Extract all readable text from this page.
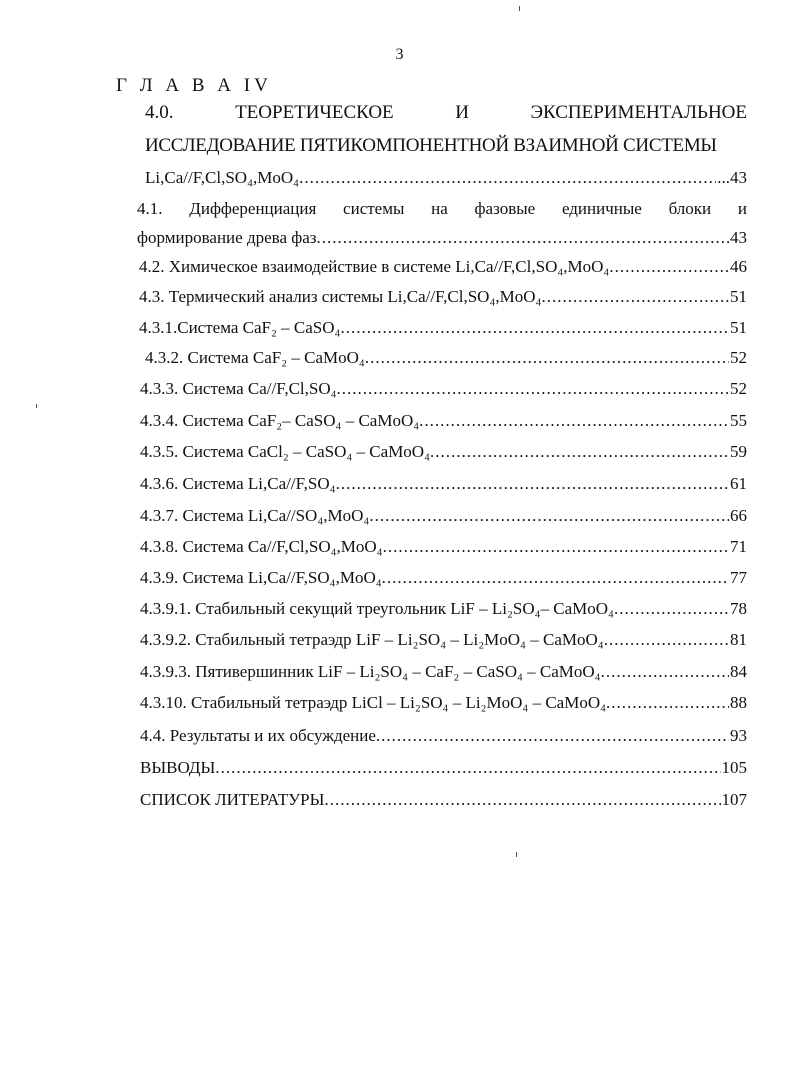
3
Г Л А В А IV
4.0.	ТЕОРЕТИЧЕСКОЕ	И	ЭКСПЕРИМЕНТАЛЬНОЕ
ИССЛЕДОВАНИЕ ПЯТИКОМПОНЕНТНОЙ ВЗАИМНОЙ СИСТЕМЫ
Li,Ca//F,Cl,SO₄,MoO₄ .....	...43
4.1. Дифференциация системы на фазовые единичные блоки и
формирование древа фаз .....	43
4.2. Химическое взаимодействие в системе Li,Ca//F,Cl,SO₄,MoO₄ .....	46
4.3. Термический анализ системы Li,Ca//F,Cl,SO₄,MoO₄ .....	51
4.3.1.Система CaF₂ – CaSO₄ .....	51
4.3.2. Система CaF₂ – CaMoO₄ .....	52
4.3.3. Система Ca//F,Cl,SO₄ .....	52
4.3.4. Система CaF₂– CaSO₄ – CaMoO₄ .....	55
4.3.5. Система CaCl₂ – CaSO₄ – CaMoO₄ .....	59
4.3.6. Система Li,Ca//F,SO₄ .....	61
4.3.7. Система Li,Ca//SO₄,MoO₄ .....	66
4.3.8. Система Ca//F,Cl,SO₄,MoO₄ .....	71
4.3.9. Система Li,Ca//F,SO₄,MoO₄ .....	77
4.3.9.1. Стабильный секущий треугольник LiF – Li₂SO₄– CaMoO₄ .....	78
4.3.9.2. Стабильный тетраэдр LiF – Li₂SO₄ – Li₂MoO₄ – CaMoO₄ .....	81
4.3.9.3. Пятивершинник LiF – Li₂SO₄ – CaF₂ – CaSO₄ – CaMoO₄ .....	84
4.3.10. Стабильный тетраэдр LiCl – Li₂SO₄ – Li₂MoO₄ – CaMoO₄ .....	88
4.4. Результаты и их обсуждение .....	93
ВЫВОДЫ .....	105
СПИСОК ЛИТЕРАТУРЫ .....	107
